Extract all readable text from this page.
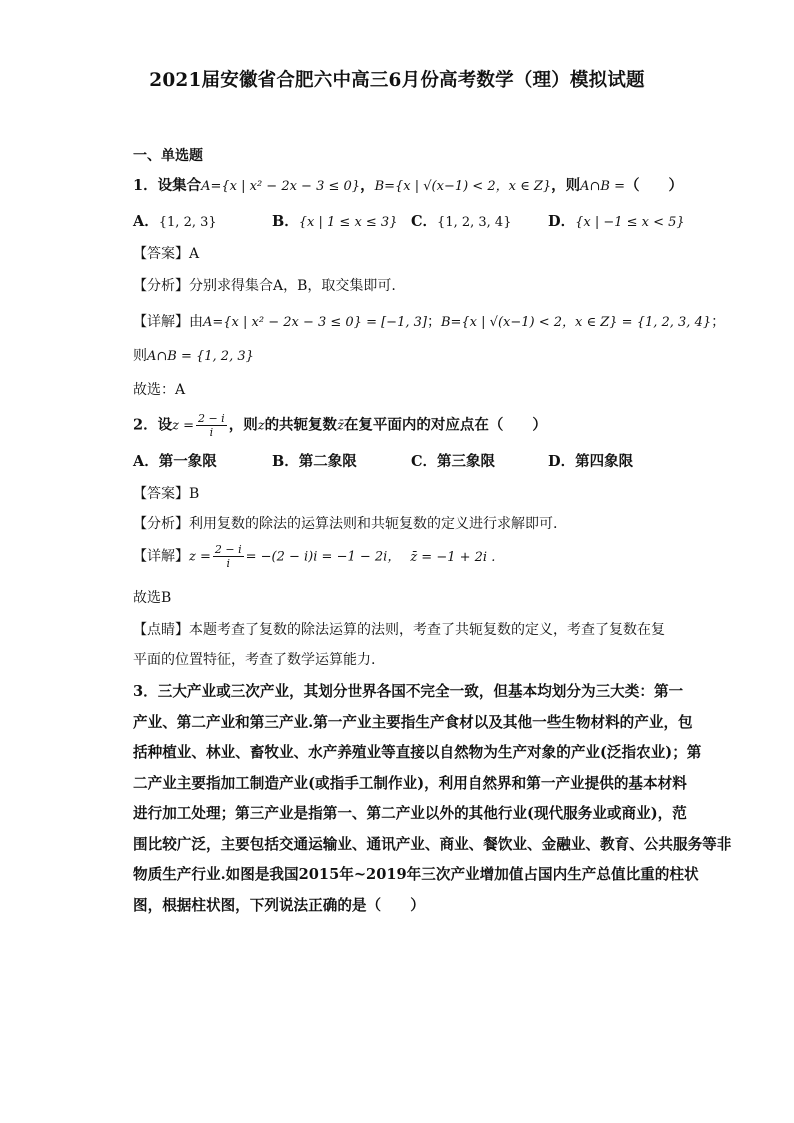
2021届安徽省合肥六中高三6月份高考数学（理）模拟试题
一、单选题
1．设集合A={x | x² − 2x − 3 ≤ 0}，B={x | √(x−1) < 2，x ∈ Z}，则A∩B =（　　）
A．{1, 2, 3}	B．{x | 1 ≤ x ≤ 3} C．{1, 2, 3, 4}	D．{x | −1 ≤ x < 5}
【答案】A
【分析】分别求得集合A，B，取交集即可.
【详解】由A={x | x² − 2x − 3 ≤ 0} = [−1, 3]；B={x | √(x−1) < 2，x ∈ Z} = {1, 2, 3, 4}；
则A∩B = {1, 2, 3}
故选：A
2．设$z = \frac{2 - i}{i}$ ，则z的共轭复数z̄在复平面内的对应点在（　　）
A．第一象限	B．第二象限	C．第三象限	D．第四象限
【答案】B
【分析】利用复数的除法的运算法则和共轭复数的定义进行求解即可.
【详解】$z = \frac{2 - i}{i} = -(2 - i)i = -1 - 2i$， z̄ = −1 + 2i .
故选B
【点睛】本题考查了复数的除法运算的法则，考查了共轭复数的定义，考查了复数在复
平面的位置特征，考查了数学运算能力.
3．三大产业或三次产业，其划分世界各国不完全一致，但基本均划分为三大类：第一
产业、第二产业和第三产业.第一产业主要指生产食材以及其他一些生物材料的产业，包
括种植业、林业、畜牧业、水产养殖业等直接以自然物为生产对象的产业(泛指农业)；第
二产业主要指加工制造产业(或指手工制作业)，利用自然界和第一产业提供的基本材料
进行加工处理；第三产业是指第一、第二产业以外的其他行业(现代服务业或商业)，范
围比较广泛，主要包括交通运输业、通讯产业、商业、餐饮业、金融业、教育、公共服务等非
物质生产行业.如图是我国2015年~2019年三次产业增加值占国内生产总值比重的柱状
图，根据柱状图，下列说法正确的是（　　）
